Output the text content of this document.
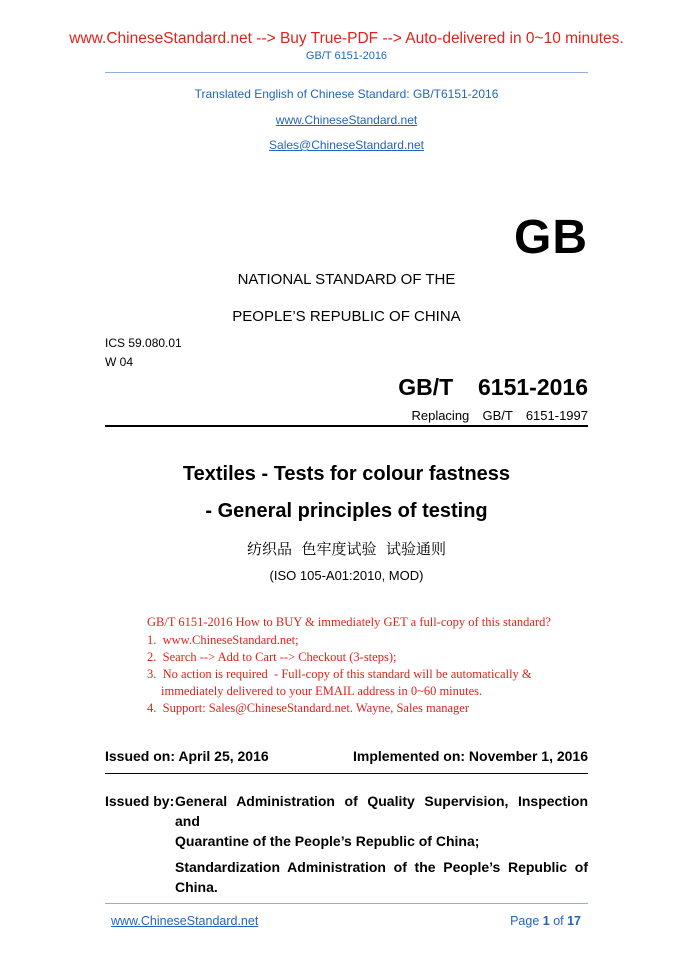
www.ChineseStandard.net --> Buy True-PDF --> Auto-delivered in 0~10 minutes.
GB/T 6151-2016
Translated English of Chinese Standard: GB/T6151-2016
www.ChineseStandard.net
Sales@ChineseStandard.net
GB
NATIONAL STANDARD OF THE
PEOPLE’S REPUBLIC OF CHINA
ICS 59.080.01
W 04
GB/T  6151-2016
Replacing  GB/T  6151-1997
Textiles - Tests for colour fastness
- General principles of testing
纺织品  色牢度试验  试验通则
(ISO 105-A01:2010, MOD)
GB/T 6151-2016 How to BUY & immediately GET a full-copy of this standard?
1.  www.ChineseStandard.net;
2.  Search --> Add to Cart --> Checkout (3-steps);
3.  No action is required  - Full-copy of this standard will be automatically &
immediately delivered to your EMAIL address in 0~60 minutes.
4.  Support: Sales@ChineseStandard.net. Wayne, Sales manager
Issued on: April 25, 2016	Implemented on: November 1, 2016
Issued by: General Administration of Quality Supervision, Inspection and
Quarantine of the People’s Republic of China;
Standardization Administration of the People’s Republic of
China.
www.ChineseStandard.net	Page 1 of 17
